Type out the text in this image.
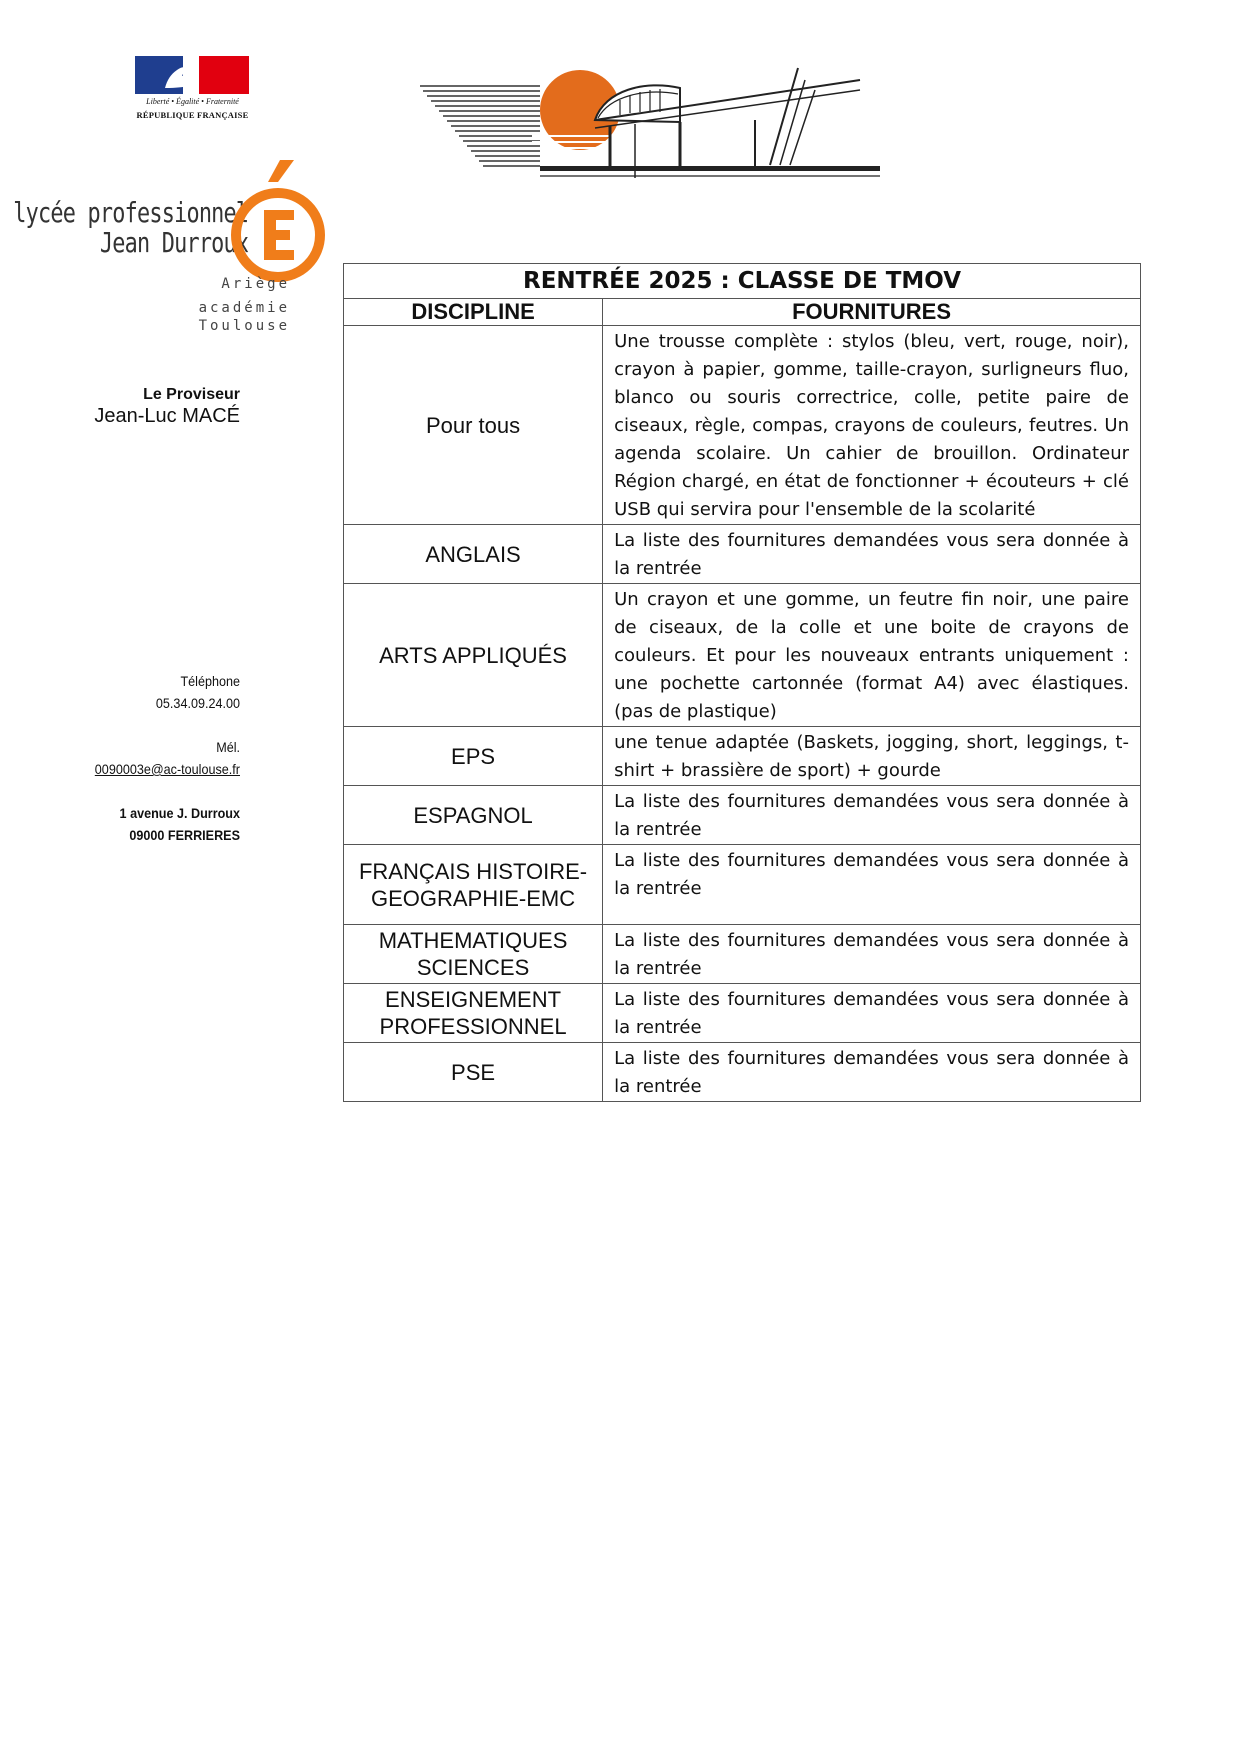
Liberté • Égalité • Fraternité
RÉPUBLIQUE FRANÇAISE
lycée professionnel
Jean Durroux
Ariège
académie
Toulouse
Le Proviseur
Jean-Luc MACÉ
Téléphone
05.34.09.24.00
Mél.
0090003e@ac-toulouse.fr
1 avenue J. Durroux
09000 FERRIERES
RENTRÉE 2025 : CLASSE DE TMOV	
DISCIPLINE	FOURNITURES
Pour tous	Une trousse complète : stylos (bleu, vert, rouge, noir), crayon à papier, gomme, taille-crayon, surligneurs fluo, blanco ou souris correctrice, colle, petite paire de ciseaux, règle, compas, crayons de couleurs, feutres. Un agenda scolaire. Un cahier de brouillon. Ordinateur Région chargé, en état de fonctionner + écouteurs + clé USB qui servira pour l'ensemble de la scolarité
ANGLAIS	La liste des fournitures demandées vous sera donnée à la rentrée
ARTS APPLIQUÉS	Un crayon et une gomme, un feutre fin noir, une paire de ciseaux, de la colle et une boite de crayons de couleurs. Et pour les nouveaux entrants uniquement : une pochette cartonnée (format A4) avec élastiques. (pas de plastique)
EPS	une tenue adaptée (Baskets, jogging, short, leggings, t-shirt + brassière de sport) + gourde
ESPAGNOL	La liste des fournitures demandées vous sera donnée à la rentrée
FRANÇAIS HISTOIRE-GEOGRAPHIE-EMC	La liste des fournitures demandées vous sera donnée à la rentrée
MATHEMATIQUES SCIENCES	La liste des fournitures demandées vous sera donnée à la rentrée
ENSEIGNEMENT PROFESSIONNEL	La liste des fournitures demandées vous sera donnée à la rentrée
PSE	La liste des fournitures demandées vous sera donnée à la rentrée
